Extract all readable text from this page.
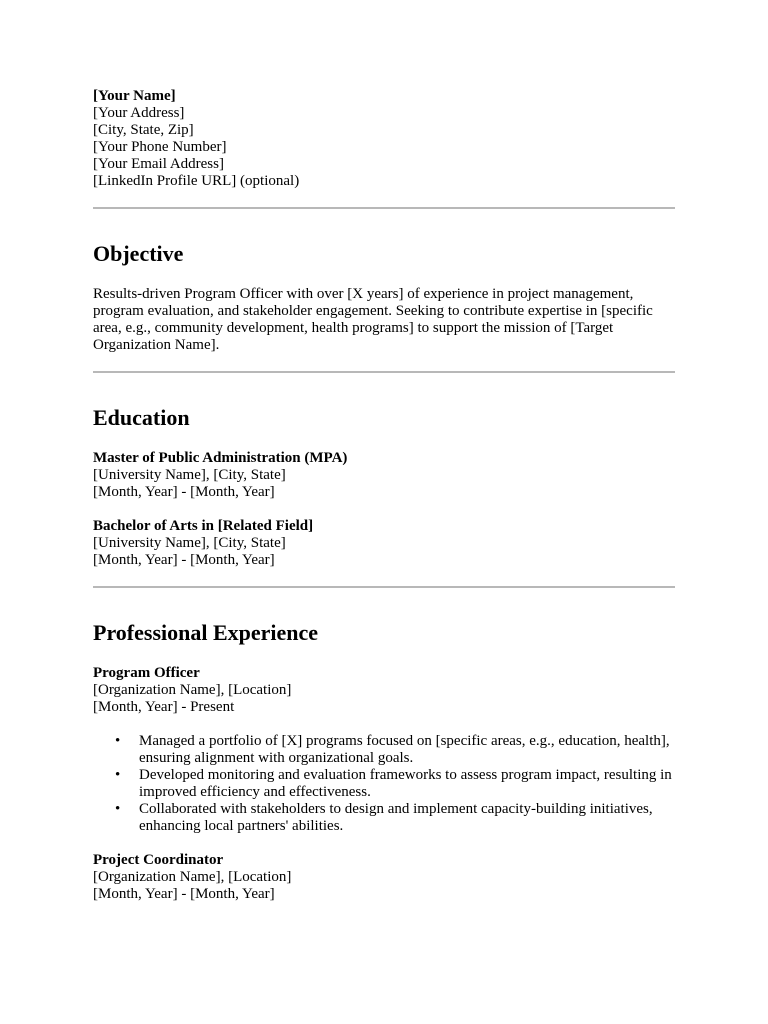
[Your Name]
[Your Address]
[City, State, Zip]
[Your Phone Number]
[Your Email Address]
[LinkedIn Profile URL] (optional)
Objective

Results-driven Program Officer with over [X years] of experience in project management, program evaluation, and stakeholder engagement. Seeking to contribute expertise in [specific area, e.g., community development, health programs] to support the mission of [Target Organization Name].

Education
Master of Public Administration (MPA)
[University Name], [City, State]
[Month, Year] - [Month, Year]
Bachelor of Arts in [Related Field]
[University Name], [City, State]
[Month, Year] - [Month, Year]
Professional Experience
Program Officer
[Organization Name], [Location]
[Month, Year] - Present
• Managed a portfolio of [X] programs focused on [specific areas, e.g., education, health], ensuring alignment with organizational goals.
• Developed monitoring and evaluation frameworks to assess program impact, resulting in improved efficiency and effectiveness.
• Collaborated with stakeholders to design and implement capacity-building initiatives, enhancing local partners' abilities.
Project Coordinator
[Organization Name], [Location]
[Month, Year] - [Month, Year]
